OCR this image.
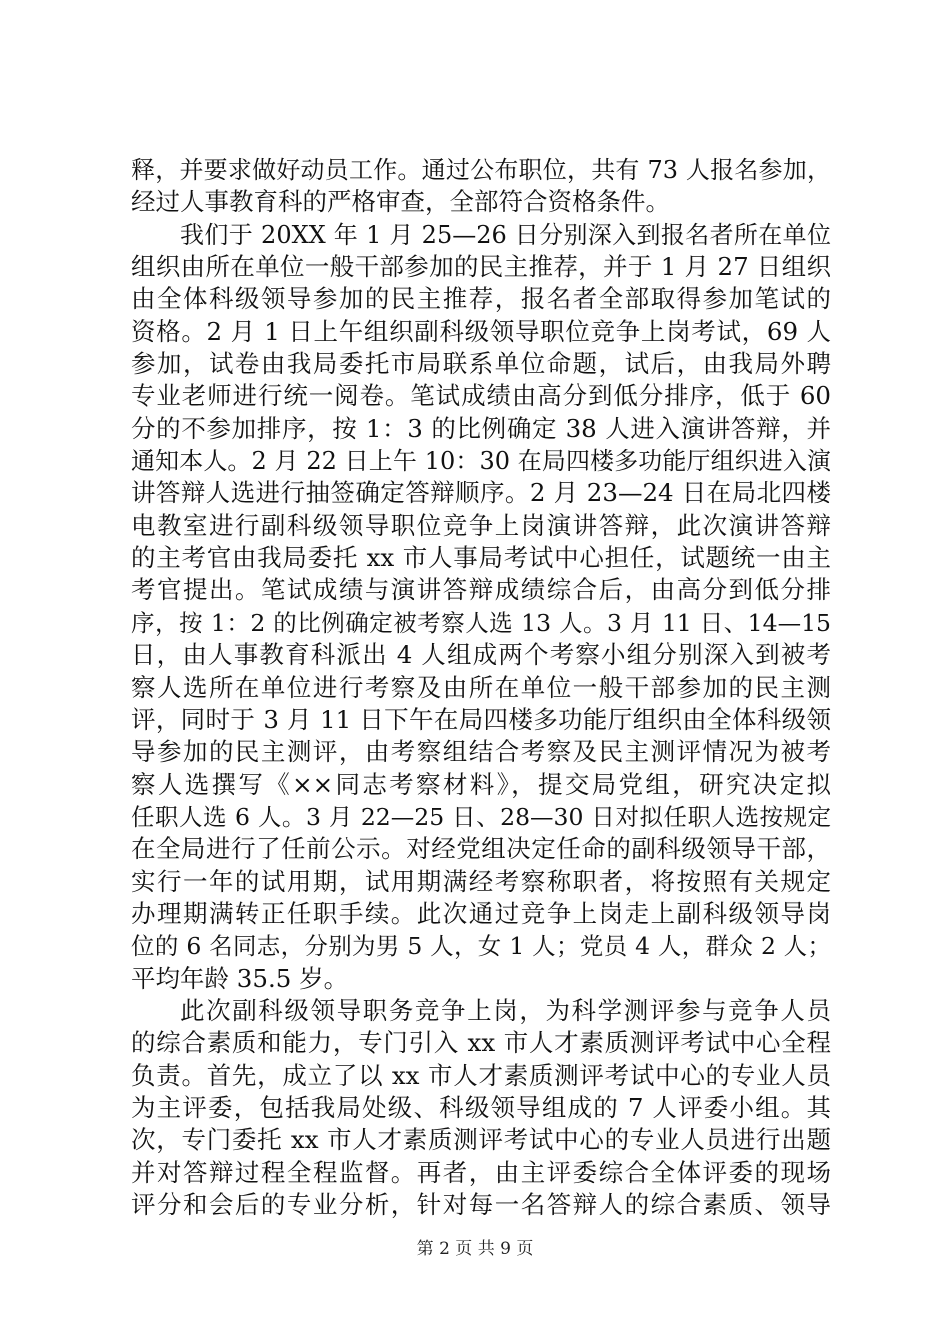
释，并要求做好动员工作。通过公布职位，共有 73 人报名参加，
经过人事教育科的严格审查，全部符合资格条件。
我们于 20XX 年 1 月 25—26 日分别深入到报名者所在单位
组织由所在单位一般干部参加的民主推荐，并于 1 月 27 日组织
由全体科级领导参加的民主推荐，报名者全部取得参加笔试的
资格。2 月 1 日上午组织副科级领导职位竞争上岗考试，69 人
参加，试卷由我局委托市局联系单位命题，试后，由我局外聘
专业老师进行统一阅卷。笔试成绩由高分到低分排序，低于 60
分的不参加排序，按 1：3 的比例确定 38 人进入演讲答辩，并
通知本人。2 月 22 日上午 10：30 在局四楼多功能厅组织进入演
讲答辩人选进行抽签确定答辩顺序。2 月 23—24 日在局北四楼
电教室进行副科级领导职位竞争上岗演讲答辩，此次演讲答辩
的主考官由我局委托 xx 市人事局考试中心担任，试题统一由主
考官提出。笔试成绩与演讲答辩成绩综合后，由高分到低分排
序，按 1：2 的比例确定被考察人选 13 人。3 月 11 日、14—15
日，由人事教育科派出 4 人组成两个考察小组分别深入到被考
察人选所在单位进行考察及由所在单位一般干部参加的民主测
评，同时于 3 月 11 日下午在局四楼多功能厅组织由全体科级领
导参加的民主测评，由考察组结合考察及民主测评情况为被考
察人选撰写《××同志考察材料》，提交局党组，研究决定拟
任职人选 6 人。3 月 22—25 日、28—30 日对拟任职人选按规定
在全局进行了任前公示。对经党组决定任命的副科级领导干部，
实行一年的试用期，试用期满经考察称职者，将按照有关规定
办理期满转正任职手续。此次通过竞争上岗走上副科级领导岗
位的 6 名同志，分别为男 5 人，女 1 人；党员 4 人，群众 2 人；
平均年龄 35.5 岁。
此次副科级领导职务竞争上岗，为科学测评参与竞争人员
的综合素质和能力，专门引入 xx 市人才素质测评考试中心全程
负责。首先，成立了以 xx 市人才素质测评考试中心的专业人员
为主评委，包括我局处级、科级领导组成的 7 人评委小组。其
次，专门委托 xx 市人才素质测评考试中心的专业人员进行出题
并对答辩过程全程监督。再者，由主评委综合全体评委的现场
评分和会后的专业分析，针对每一名答辩人的综合素质、领导
第 2 页 共 9 页
